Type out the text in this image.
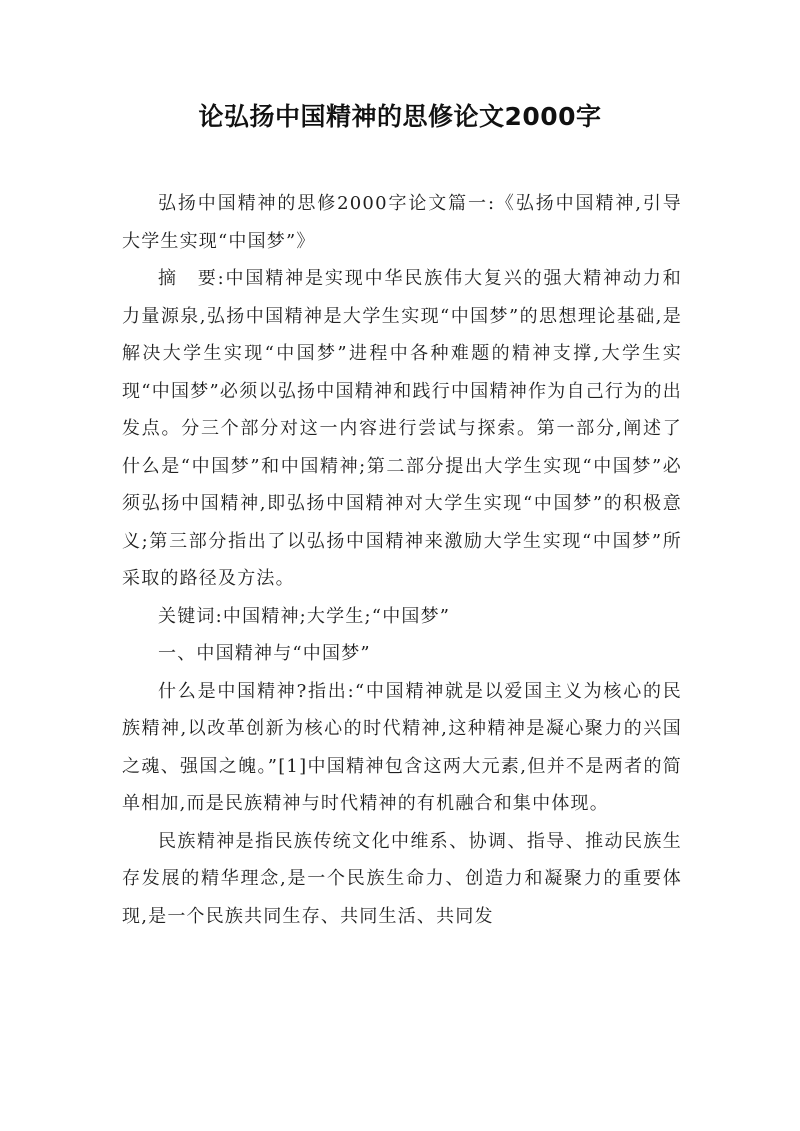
论弘扬中国精神的思修论文2000字

弘扬中国精神的思修2000字论文篇一:《弘扬中国精神,引导大学生实现“中国梦”》

摘　要:中国精神是实现中华民族伟大复兴的强大精神动力和力量源泉,弘扬中国精神是大学生实现“中国梦”的思想理论基础,是解决大学生实现“中国梦”进程中各种难题的精神支撑,大学生实现“中国梦”必须以弘扬中国精神和践行中国精神作为自己行为的出发点。分三个部分对这一内容进行尝试与探索。第一部分,阐述了什么是“中国梦”和中国精神;第二部分提出大学生实现“中国梦”必须弘扬中国精神,即弘扬中国精神对大学生实现“中国梦”的积极意义;第三部分指出了以弘扬中国精神来激励大学生实现“中国梦”所采取的路径及方法。

关键词:中国精神;大学生;“中国梦”

一、中国精神与“中国梦”

什么是中国精神?指出:“中国精神就是以爱国主义为核心的民族精神,以改革创新为核心的时代精神,这种精神是凝心聚力的兴国之魂、强国之魄。”[1]中国精神包含这两大元素,但并不是两者的简单相加,而是民族精神与时代精神的有机融合和集中体现。

民族精神是指民族传统文化中维系、协调、指导、推动民族生存发展的精华理念,是一个民族生命力、创造力和凝聚力的重要体现,是一个民族共同生存、共同生活、共同发
